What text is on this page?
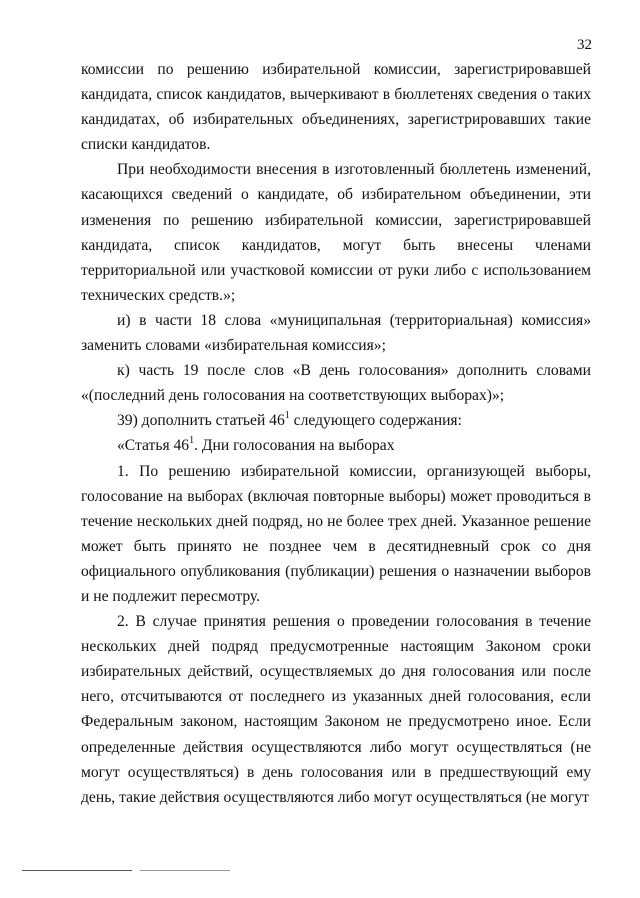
32

комиссии по решению избирательной комиссии, зарегистрировавшей кандидата, список кандидатов, вычеркивают в бюллетенях сведения о таких кандидатах, об избирательных объединениях, зарегистрировавших такие списки кандидатов.

При необходимости внесения в изготовленный бюллетень изменений, касающихся сведений о кандидате, об избирательном объединении, эти изменения по решению избирательной комиссии, зарегистрировавшей кандидата, список кандидатов, могут быть внесены членами территориальной или участковой комиссии от руки либо с использованием технических средств.»;

и) в части 18 слова «муниципальная (территориальная) комиссия» заменить словами «избирательная комиссия»;

к) часть 19 после слов «В день голосования» дополнить словами «(последний день голосования на соответствующих выборах)»;

39) дополнить статьей $46^1$ следующего содержания:

«Статья $46^1$. Дни голосования на выборах

1. По решению избирательной комиссии, организующей выборы, голосование на выборах (включая повторные выборы) может проводиться в течение нескольких дней подряд, но не более трех дней. Указанное решение может быть принято не позднее чем в десятидневный срок со дня официального опубликования (публикации) решения о назначении выборов и не подлежит пересмотру.

2. В случае принятия решения о проведении голосования в течение нескольких дней подряд предусмотренные настоящим Законом сроки избирательных действий, осуществляемых до дня голосования или после него, отсчитываются от последнего из указанных дней голосования, если Федеральным законом, настоящим Законом не предусмотрено иное. Если определенные действия осуществляются либо могут осуществляться (не могут осуществляться) в день голосования или в предшествующий ему день, такие действия осуществляются либо могут осуществляться (не могут
